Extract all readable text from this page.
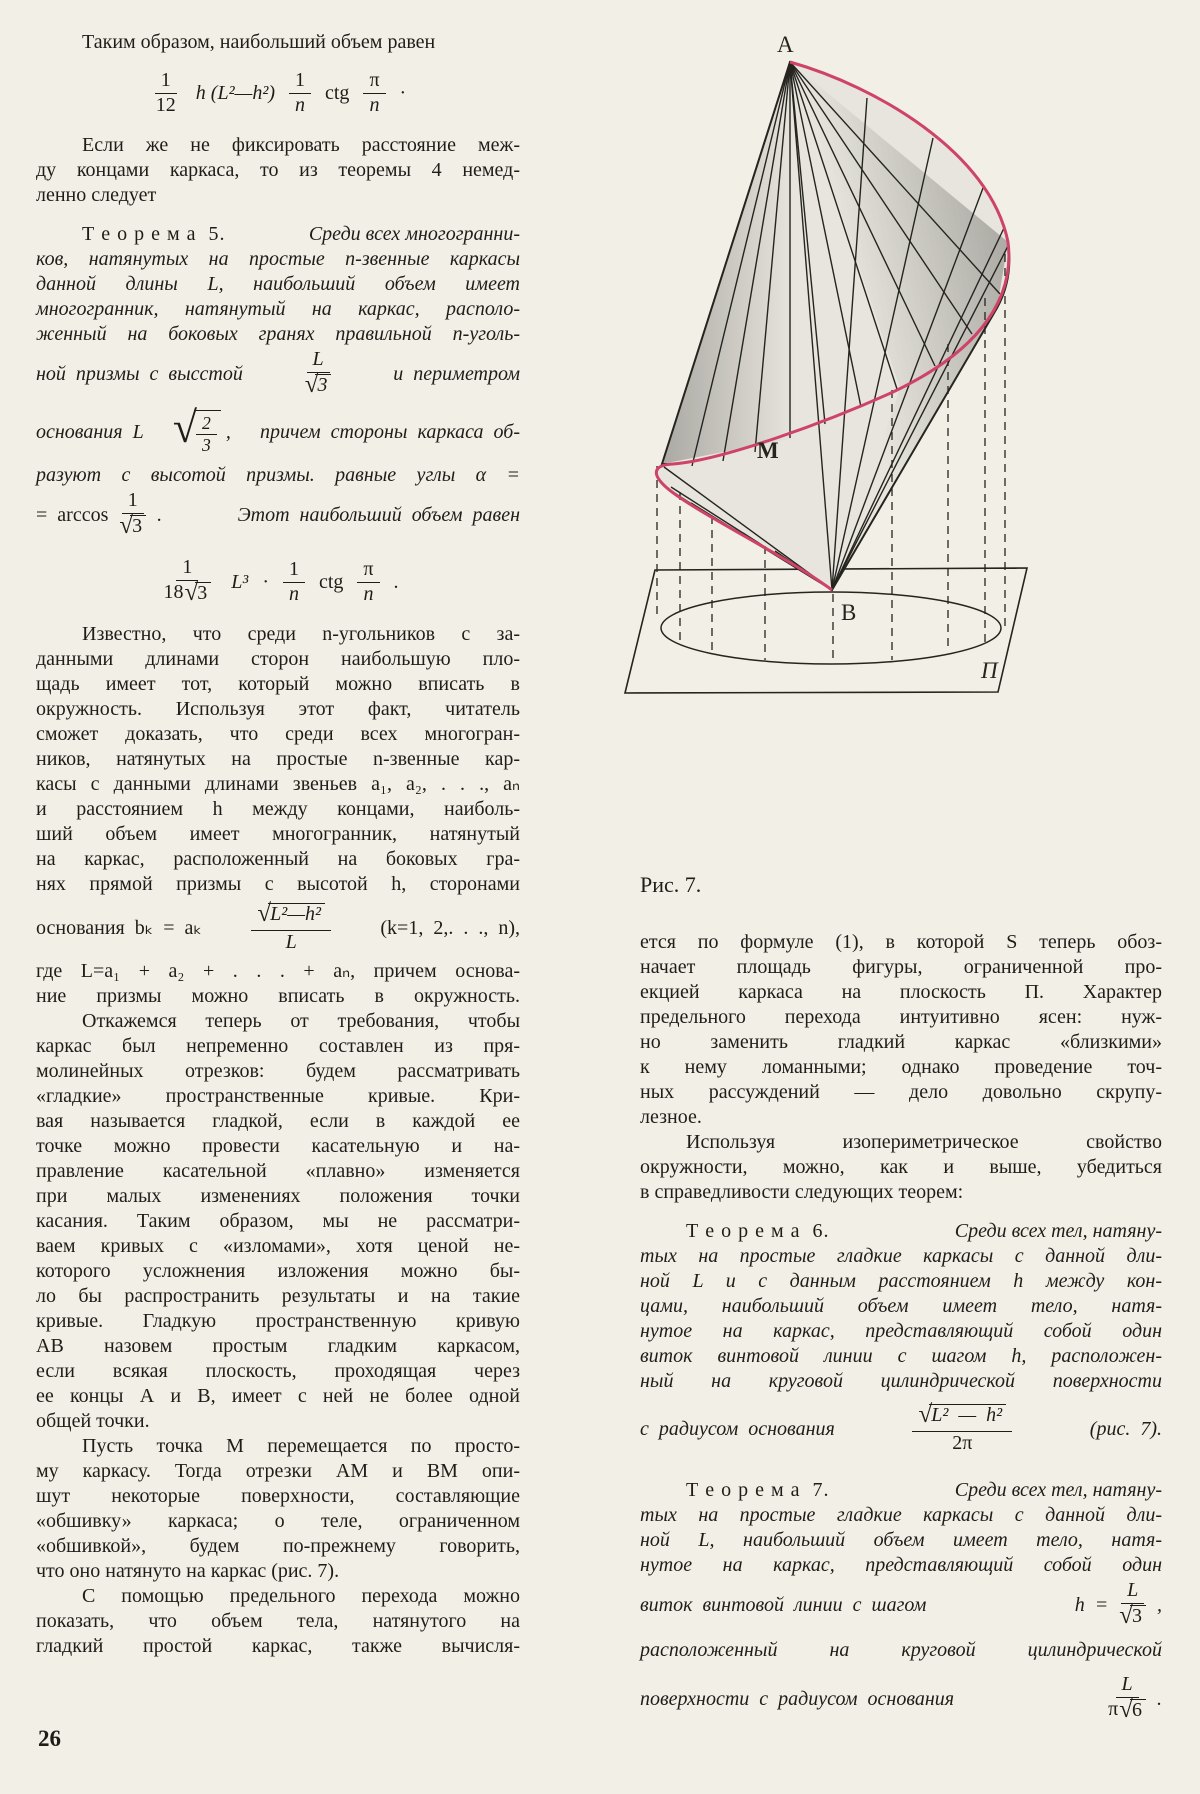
Таким образом, наибольший объем равен
1
12
h (L²—h²)
1
n
ctg
π
n
·
Если же не фиксировать расстояние меж-
ду концами каркаса, то из теоремы 4 немед-
ленно следует
Т е о р е м а  5.	Среди всех многогранни-
ков, натянутых на простые n-звенные каркасы
данной длины L, наибольший объем имеет
многогранник, натянутый на каркас, располо-
женный на боковых гранях правильной n-уголь-
ной призмы с высстой
L
√ 3
и периметром
основания L √ $\frac{2}{3}$ , причем стороны каркаса об-
разуют с высотой призмы. равные углы α =
= arccos
1
√ 3
.	Этот наибольший объем равен
1
18 √ 3
L³ ·
1
n
ctg
π
n
.
Известно, что среди n-угольников с за-
данными длинами сторон наибольшую пло-
щадь имеет тот, который можно вписать в
окружность. Используя этот факт, читатель
сможет доказать, что среди всех многогран-
ников, натянутых на простые n-звенные кар-
касы с данными длинами звеньев a₁, a₂, . . ., aₙ
и расстоянием h между концами, наиболь-
ший объем имеет многогранник, натянутый
на каркас, расположенный на боковых гра-
нях прямой призмы с высотой h, сторонами
основания bₖ = aₖ
√ L²—h²
L
(k=1, 2,. . ., n),
где L=a₁ + a₂ + . . . + aₙ, причем основа-
ние призмы можно вписать в окружность.
Откажемся теперь от требования, чтобы
каркас был непременно составлен из пря-
молинейных отрезков: будем рассматривать
«гладкие» пространственные кривые. Кри-
вая называется гладкой, если в каждой ее
точке можно провести касательную и на-
правление касательной «плавно» изменяется
при малых изменениях положения точки
касания. Таким образом, мы не рассматри-
ваем кривых с «изломами», хотя ценой не-
которого усложнения изложения можно бы-
ло бы распространить результаты и на такие
кривые. Гладкую пространственную кривую
АВ назовем простым гладким каркасом,
если всякая плоскость, проходящая через
ее концы А и В, имеет с ней не более одной
общей точки.
Пусть точка М перемещается по просто-
му каркасу. Тогда отрезки АМ и ВМ опи-
шут некоторые поверхности, составляющие
«обшивку» каркаса; о теле, ограниченном
«обшивкой», будем по-прежнему говорить,
что оно натянуто на каркас (рис. 7).
С помощью предельного перехода можно
показать, что объем тела, натянутого на
гладкий простой каркас, также вычисля-
A
B
М
П
Рис. 7.
ется по формуле (1), в которой S теперь обоз-
начает площадь фигуры, ограниченной про-
екцией каркаса на плоскость П. Характер
предельного перехода интуитивно ясен: нуж-
но заменить гладкий каркас «близкими»
к нему ломанными; однако проведение точ-
ных рассуждений — дело довольно скрупу-
лезное.
Используя изопериметрическое свойство
окружности, можно, как и выше, убедиться
в справедливости следующих теорем:
Т е о р е м а  6.	Среди всех тел, натяну-
тых на простые гладкие каркасы с данной дли-
ной L и с данным расстоянием h между кон-
цами, наибольший объем имеет тело, натя-
нутое на каркас, представляющий собой один
виток винтовой линии с шагом h, расположен-
ный на круговой цилиндрической поверхности
с радиусом основания
√ L² — h²
2π
(рис. 7).
Т е о р е м а  7.	Среди всех тел, натяну-
тых на простые гладкие каркасы с данной дли-
ной L, наибольший объем имеет тело, натя-
нутое на каркас, представляющий собой один
виток винтовой линии с шагом	$h = \frac{L}{√ 3}$ ,
расположенный на круговой цилиндрической
поверхности с радиусом основания
L
π √ 6
.
26
